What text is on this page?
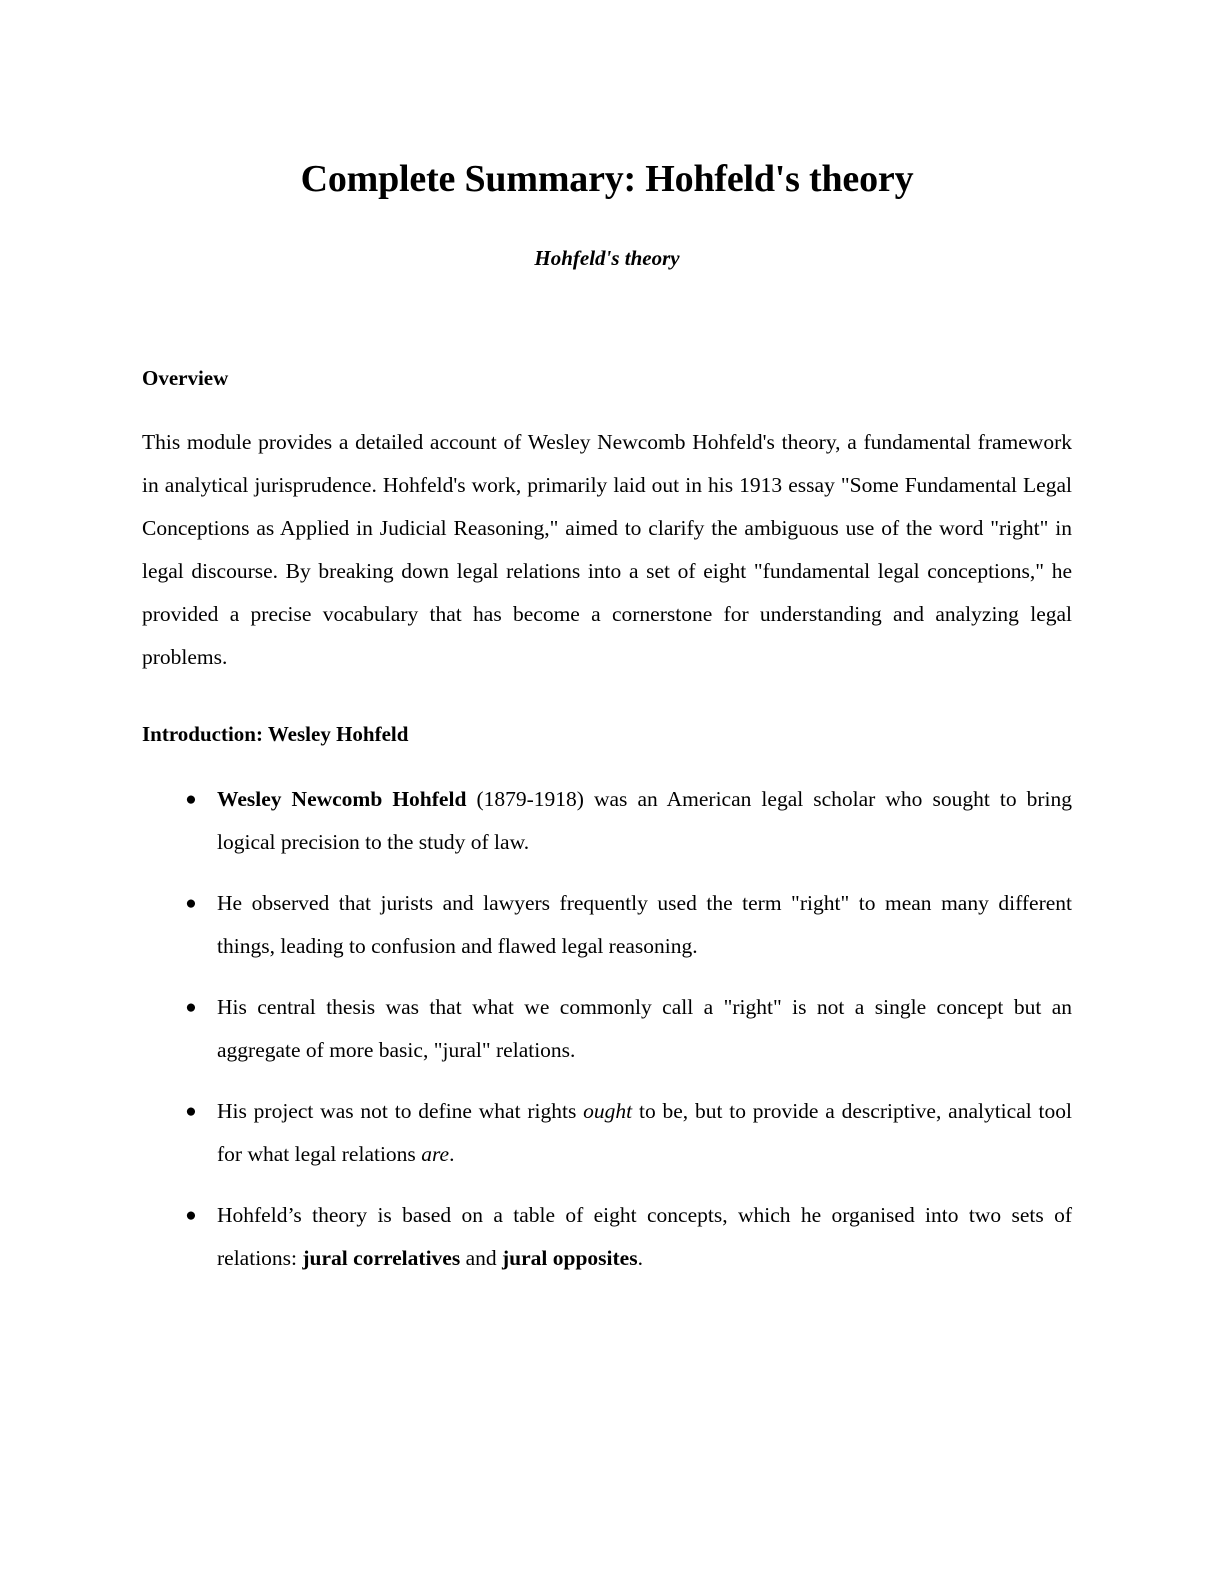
Complete Summary: Hohfeld's theory
Hohfeld's theory
Overview

This module provides a detailed account of Wesley Newcomb Hohfeld's theory, a fundamental framework in analytical jurisprudence. Hohfeld's work, primarily laid out in his 1913 essay "Some Fundamental Legal Conceptions as Applied in Judicial Reasoning," aimed to clarify the ambiguous use of the word "right" in legal discourse. By breaking down legal relations into a set of eight "fundamental legal conceptions," he provided a precise vocabulary that has become a cornerstone for understanding and analyzing legal problems.

Introduction: Wesley Hohfeld
● Wesley Newcomb Hohfeld (1879-1918) was an American legal scholar who sought to bring logical precision to the study of law.
● He observed that jurists and lawyers frequently used the term "right" to mean many different things, leading to confusion and flawed legal reasoning.
● His central thesis was that what we commonly call a "right" is not a single concept but an aggregate of more basic, "jural" relations.
● His project was not to define what rights ought to be, but to provide a descriptive, analytical tool for what legal relations are.
● Hohfeld’s theory is based on a table of eight concepts, which he organised into two sets of relations: jural correlatives and jural opposites.
